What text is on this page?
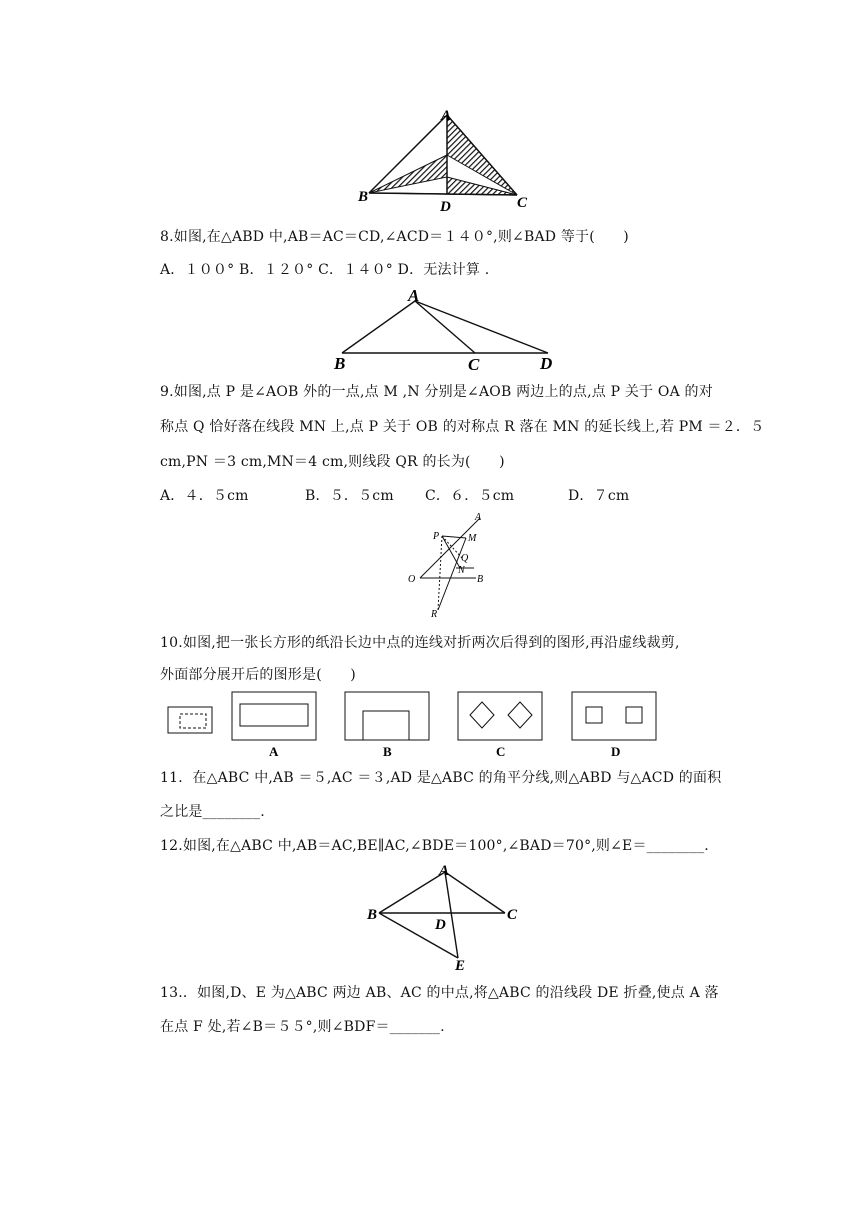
A
B	C
D
8.如图,在△ABD 中,AB＝AC＝CD,∠ACD＝１４０°,则∠BAD 等于(　　)
A．１００° B．１２０° C．１４０° D．无法计算 .
A
B	C	D
9.如图,点 P 是∠AOB 外的一点,点 M ,N 分别是∠AOB 两边上的点,点 P 关于 OA 的对
称点 Q 恰好落在线段 MN 上,点 P 关于 OB 的对称点 R 落在 MN 的延长线上,若 PM ＝２．５
cm,PN ＝3 cm,MN＝4 cm,则线段 QR 的长为(　　)
A．４．５cm	B．５．５cm C．６．５cm	D．７cm
A
P	M
Q
N
O	B
R
10.如图,把一张长方形的纸沿长边中点的连线对折两次后得到的图形,再沿虚线裁剪,
外面部分展开后的图形是(　　)
A	B	C	D
11．在△ABC 中,AB ＝５,AC ＝３,AD 是△ABC 的角平分线,则△ABD 与△ACD 的面积
之比是________.
12.如图,在△ABC 中,AB＝AC,BE∥AC,∠BDE＝100°,∠BAD＝70°,则∠E＝________.
A
B	C
D
E
13.．如图,D、E 为△ABC 两边 AB、AC 的中点,将△ABC 的沿线段 DE 折叠,使点 A 落
在点 F 处,若∠B＝５５°,则∠BDF＝_______.
